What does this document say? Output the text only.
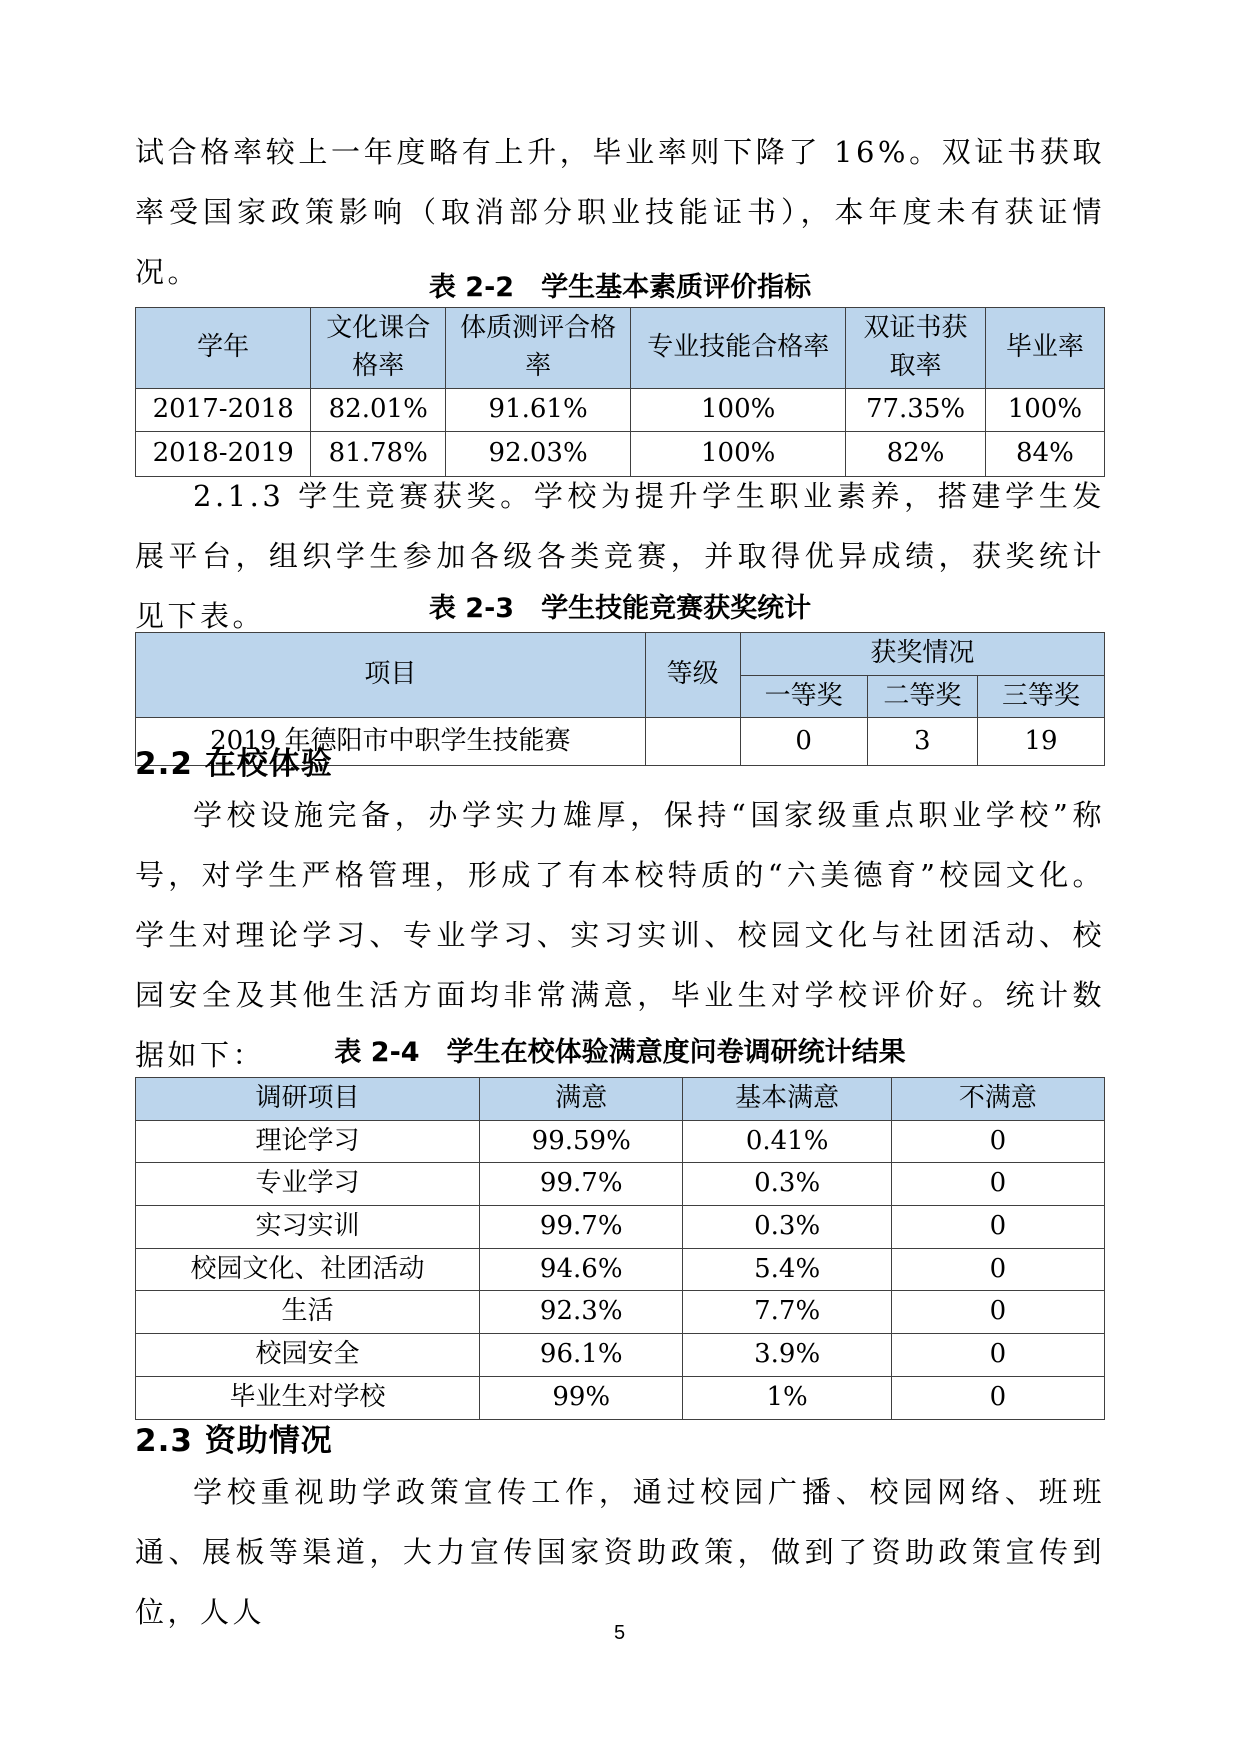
试合格率较上一年度略有上升，毕业率则下降了 16%。双证书获取率受国家政策影响（取消部分职业技能证书），本年度未有获证情况。	表 2-2　学生基本素质评价指标
学年	文化课合格率	体质测评合格率	专业技能合格率	双证书获取率	毕业率
2017-2018	82.01%	91.61%	100%	77.35%	100%
2018-2019	81.78%	92.03%	100%	82%	84%

2.1.3 学生竞赛获奖。学校为提升学生职业素养，搭建学生发展平台，组织学生参加各级各类竞赛，并取得优异成绩，获奖统计见下表。	表 2-3　学生技能竞赛获奖统计
项目	等级	获奖情况		
		一等奖	二等奖	三等奖
2019 年德阳市中职学生技能赛		0	3	19
2.2 在校体验

学校设施完备，办学实力雄厚，保持“国家级重点职业学校”称号，对学生严格管理，形成了有本校特质的“六美德育”校园文化。学生对理论学习、专业学习、实习实训、校园文化与社团活动、校园安全及其他生活方面均非常满意，毕业生对学校评价好。统计数据如下：	表 2-4　学生在校体验满意度问卷调研统计结果
调研项目	满意	基本满意	不满意
理论学习	99.59%	0.41%	0
专业学习	99.7%	0.3%	0
实习实训	99.7%	0.3%	0
校园文化、社团活动	94.6%	5.4%	0
生活	92.3%	7.7%	0
校园安全	96.1%	3.9%	0
毕业生对学校	99%	1%	0
2.3 资助情况

学校重视助学政策宣传工作，通过校园广播、校园网络、班班通、展板等渠道，大力宣传国家资助政策，做到了资助政策宣传到位，人人

5
